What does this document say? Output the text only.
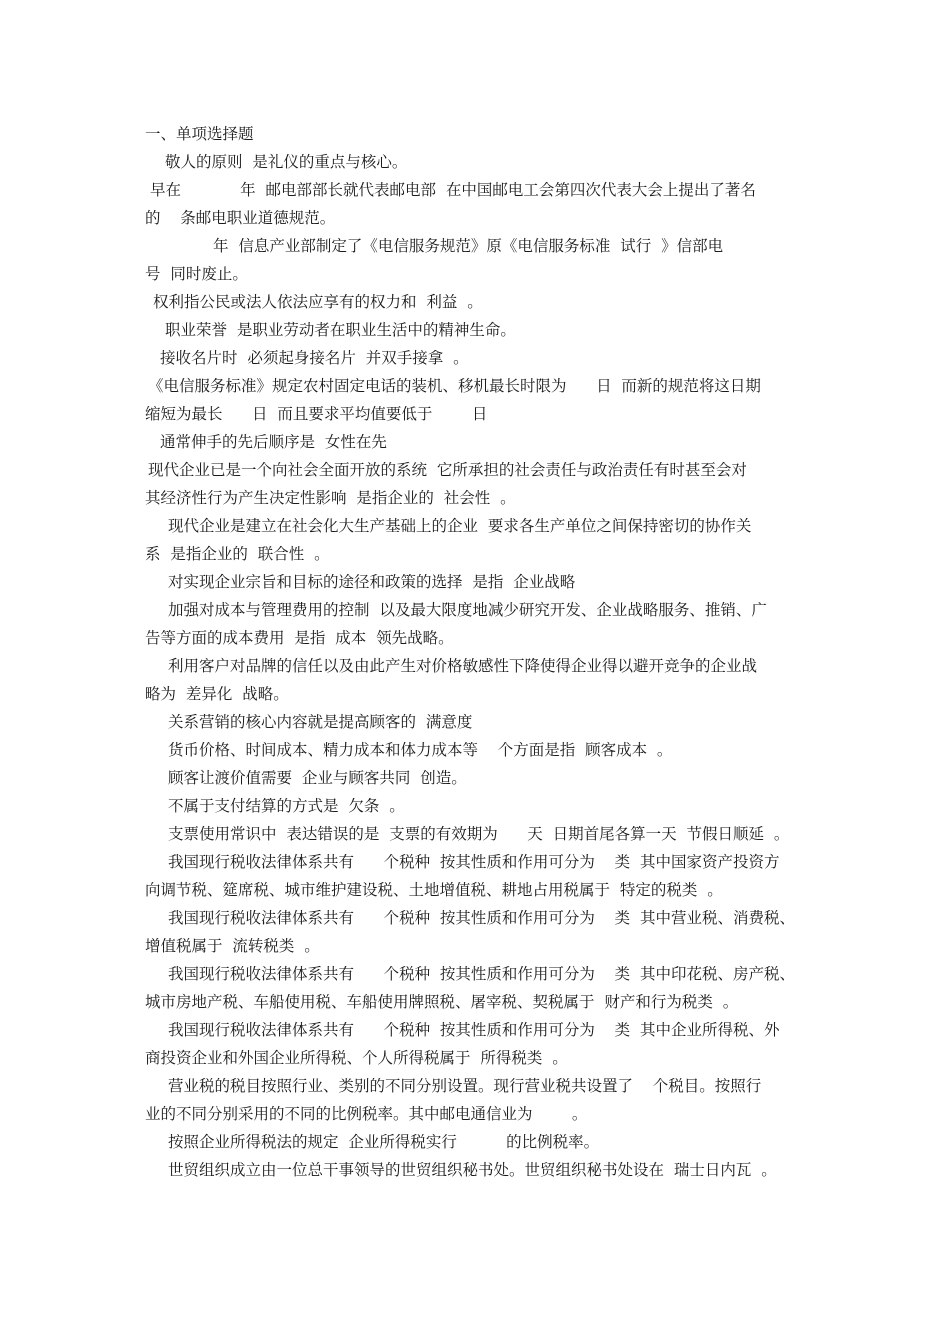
一、单项选择题
敬人的原则  是礼仪的重点与核心。
早在            年  邮电部部长就代表邮电部  在中国邮电工会第四次代表大会上提出了著名
的    条邮电职业道德规范。
年  信息产业部制定了《电信服务规范》原《电信服务标准  试行  》信部电
号  同时废止。
权利指公民或法人依法应享有的权力和  利益  。
职业荣誉  是职业劳动者在职业生活中的精神生命。
接收名片时  必须起身接名片  并双手接拿  。
《电信服务标准》规定农村固定电话的装机、移机最长时限为      日  而新的规范将这日期
缩短为最长      日  而且要求平均值要低于        日
通常伸手的先后顺序是  女性在先
现代企业已是一个向社会全面开放的系统  它所承担的社会责任与政治责任有时甚至会对
其经济性行为产生决定性影响  是指企业的  社会性  。
现代企业是建立在社会化大生产基础上的企业  要求各生产单位之间保持密切的协作关
系  是指企业的  联合性  。
对实现企业宗旨和目标的途径和政策的选择  是指  企业战略
加强对成本与管理费用的控制  以及最大限度地减少研究开发、企业战略服务、推销、广
告等方面的成本费用  是指  成本  领先战略。
利用客户对品牌的信任以及由此产生对价格敏感性下降使得企业得以避开竞争的企业战
略为  差异化  战略。
关系营销的核心内容就是提高顾客的  满意度
货币价格、时间成本、精力成本和体力成本等    个方面是指  顾客成本  。
顾客让渡价值需要  企业与顾客共同  创造。
不属于支付结算的方式是  欠条  。
支票使用常识中  表达错误的是  支票的有效期为      天  日期首尾各算一天  节假日顺延  。
我国现行税收法律体系共有      个税种  按其性质和作用可分为    类  其中国家资产投资方
向调节税、筵席税、城市维护建设税、土地增值税、耕地占用税属于  特定的税类  。
我国现行税收法律体系共有      个税种  按其性质和作用可分为    类  其中营业税、消费税、
增值税属于  流转税类  。
我国现行税收法律体系共有      个税种  按其性质和作用可分为    类  其中印花税、房产税、
城市房地产税、车船使用税、车船使用牌照税、屠宰税、契税属于  财产和行为税类  。
我国现行税收法律体系共有      个税种  按其性质和作用可分为    类  其中企业所得税、外
商投资企业和外国企业所得税、个人所得税属于  所得税类  。
营业税的税目按照行业、类别的不同分别设置。现行营业税共设置了    个税目。按照行
业的不同分别采用的不同的比例税率。其中邮电通信业为        。
按照企业所得税法的规定  企业所得税实行          的比例税率。
世贸组织成立由一位总干事领导的世贸组织秘书处。世贸组织秘书处设在  瑞士日内瓦  。
